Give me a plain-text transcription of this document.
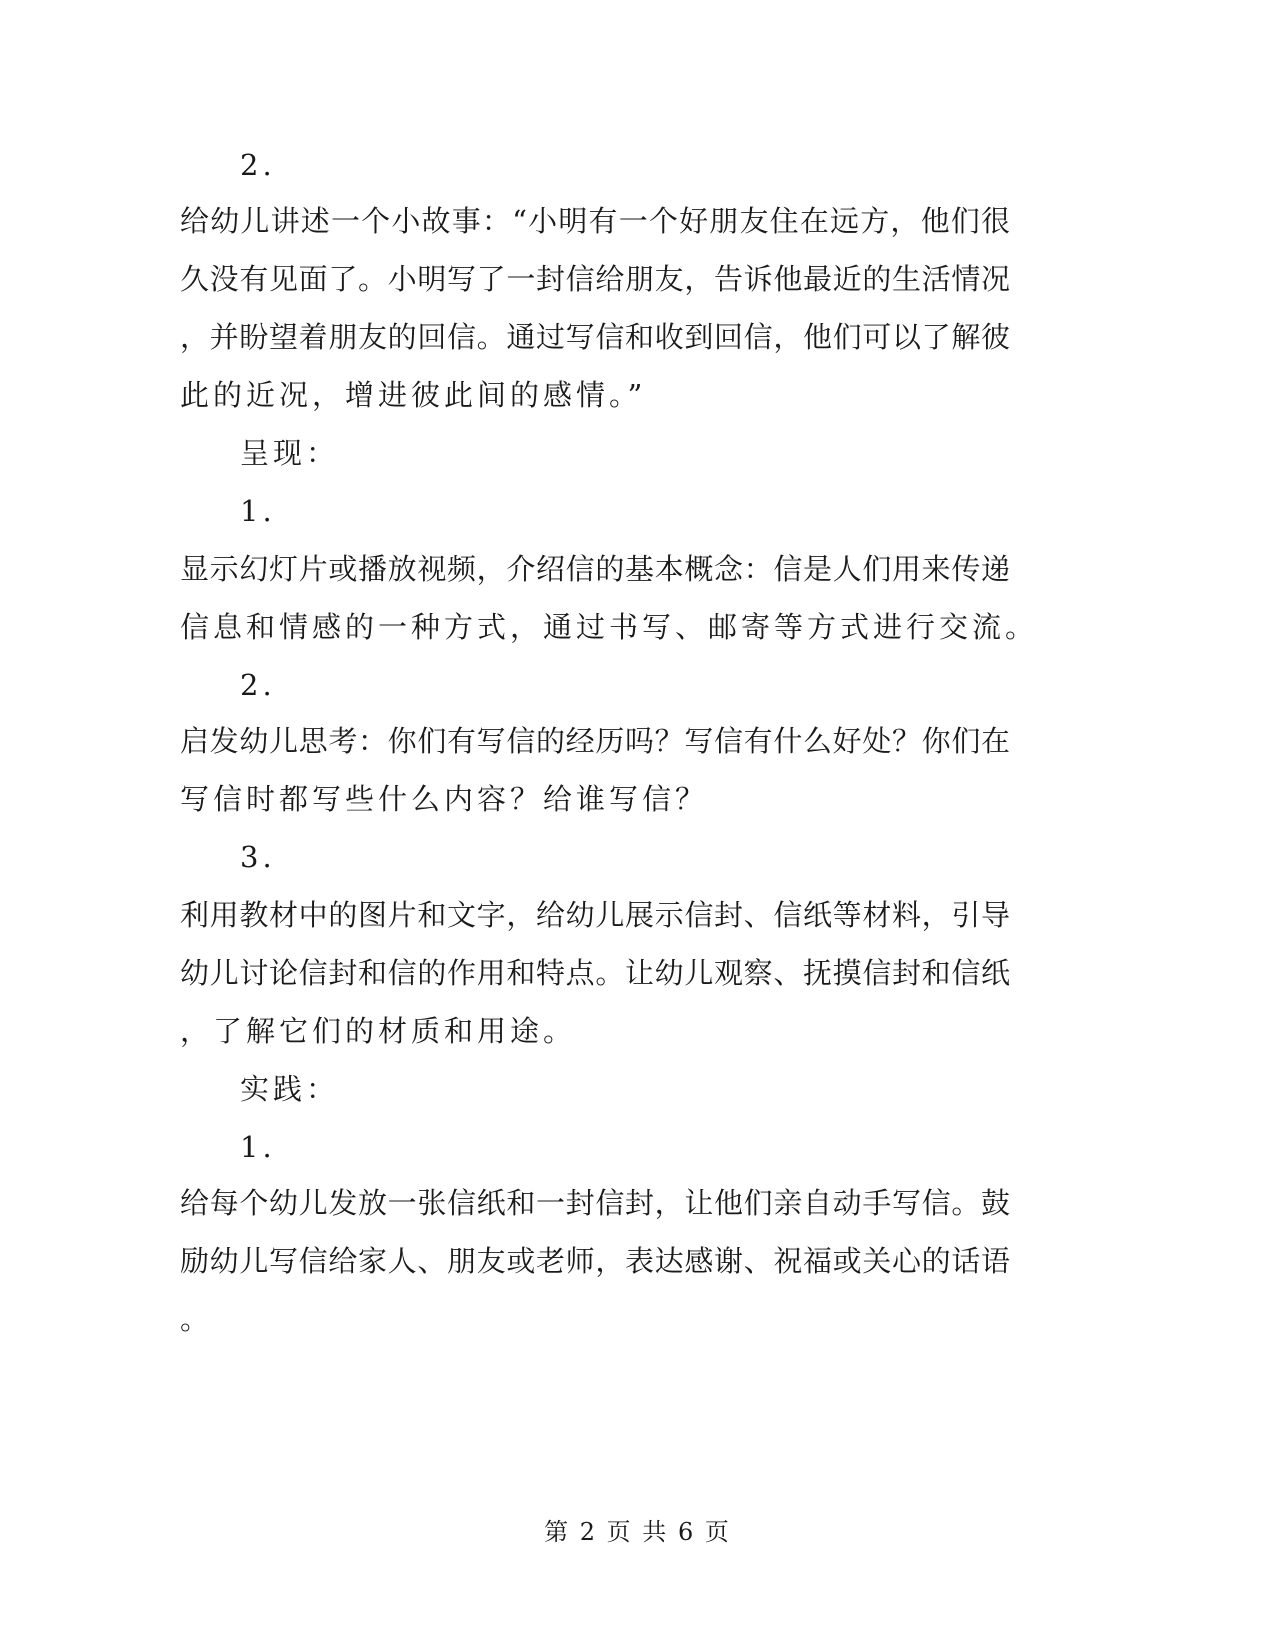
2.
给幼儿讲述一个小故事：“小明有一个好朋友住在远方，他们很
久没有见面了。小明写了一封信给朋友，告诉他最近的生活情况
，并盼望着朋友的回信。通过写信和收到回信，他们可以了解彼
此的近况，增进彼此间的感情。”
呈现：
1.
显示幻灯片或播放视频，介绍信的基本概念：信是人们用来传递
信息和情感的一种方式，通过书写、邮寄等方式进行交流。
2.
启发幼儿思考：你们有写信的经历吗？写信有什么好处？你们在
写信时都写些什么内容？给谁写信？
3.
利用教材中的图片和文字，给幼儿展示信封、信纸等材料，引导
幼儿讨论信封和信的作用和特点。让幼儿观察、抚摸信封和信纸
，了解它们的材质和用途。
实践：
1.
给每个幼儿发放一张信纸和一封信封，让他们亲自动手写信。鼓
励幼儿写信给家人、朋友或老师，表达感谢、祝福或关心的话语
。
第 2 页 共 6 页
